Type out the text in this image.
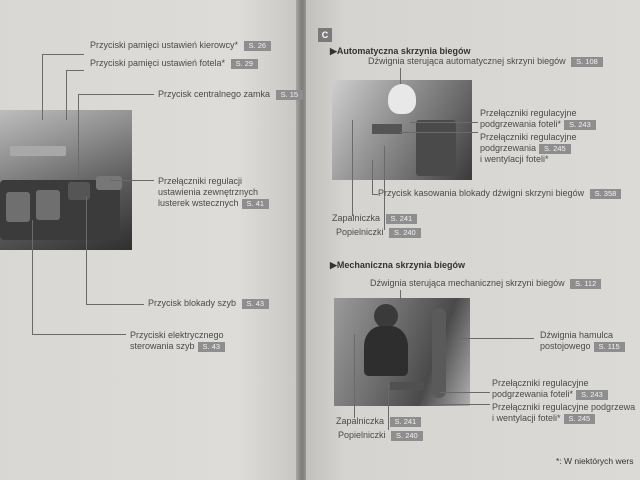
Przyciski pamięci ustawień kierowcy* S. 26
Przyciski pamięci ustawień fotela* S. 29
Przycisk centralnego zamka S. 15
Przełączniki regulacji
ustawienia zewnętrznych
lusterek wstecznych S. 41
Przycisk blokady szyb S. 43
Przyciski elektrycznego
sterowania szyb S. 43
C
▶Automatyczna skrzynia biegów
Dźwignia sterująca automatycznej skrzyni biegów S. 108
Przełączniki regulacyjne
podgrzewania foteli* S. 243
Przełączniki regulacyjne
podgrzewania S. 245
i wentylacji foteli*
Przycisk kasowania blokady dźwigni skrzyni biegów S. 358
Zapalniczka S. 241
Popielniczki S. 240
▶Mechaniczna skrzynia biegów
Dźwignia sterująca mechanicznej skrzyni biegów S. 112
Dźwignia hamulca
postojowego S. 115
Przełączniki regulacyjne
podgrzewania foteli* S. 243
Przełączniki regulacyjne podgrzewa
i wentylacji foteli* S. 245
Zapalniczka S. 241
Popielniczki S. 240
*: W niektórych wers
